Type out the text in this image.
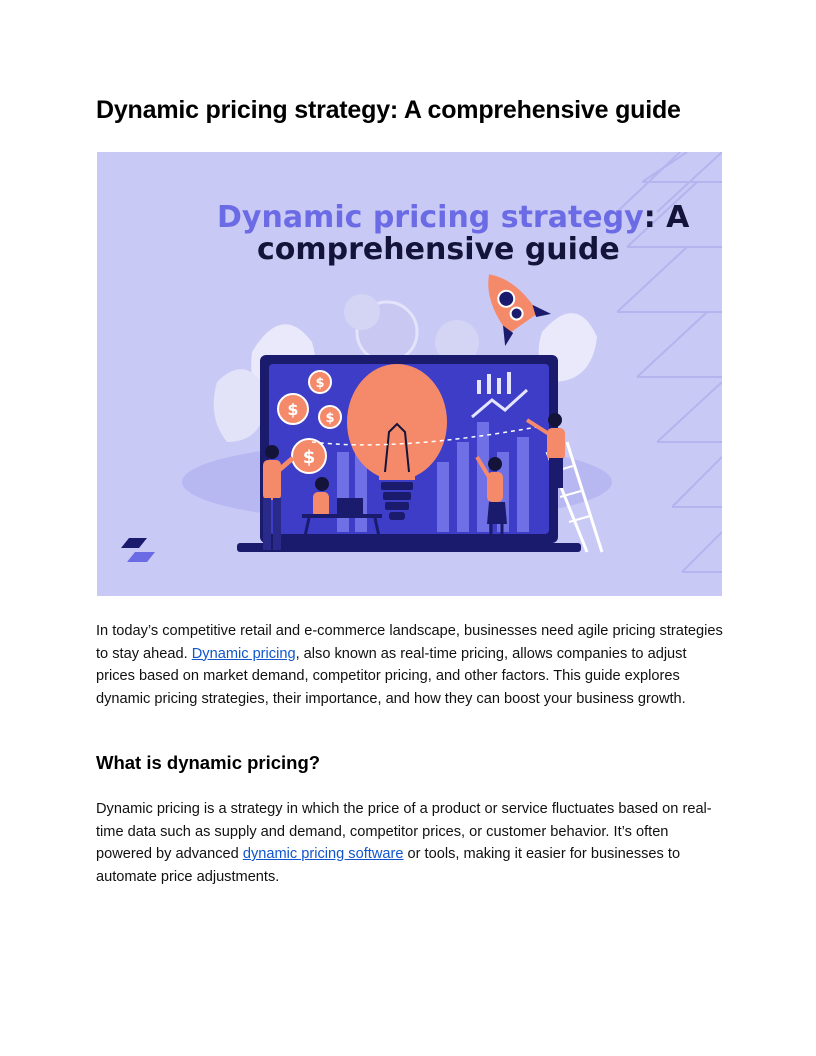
Dynamic pricing strategy: A comprehensive guide
Dynamic pricing strategy: A
comprehensive guide
$
$ $
$

In today’s competitive retail and e-commerce landscape, businesses need agile pricing strategies to stay ahead. Dynamic pricing, also known as real-time pricing, allows companies to adjust prices based on market demand, competitor pricing, and other factors. This guide explores dynamic pricing strategies, their importance, and how they can boost your business growth.

What is dynamic pricing?

Dynamic pricing is a strategy in which the price of a product or service fluctuates based on real-time data such as supply and demand, competitor prices, or customer behavior. It’s often powered by advanced dynamic pricing software or tools, making it easier for businesses to automate price adjustments.
